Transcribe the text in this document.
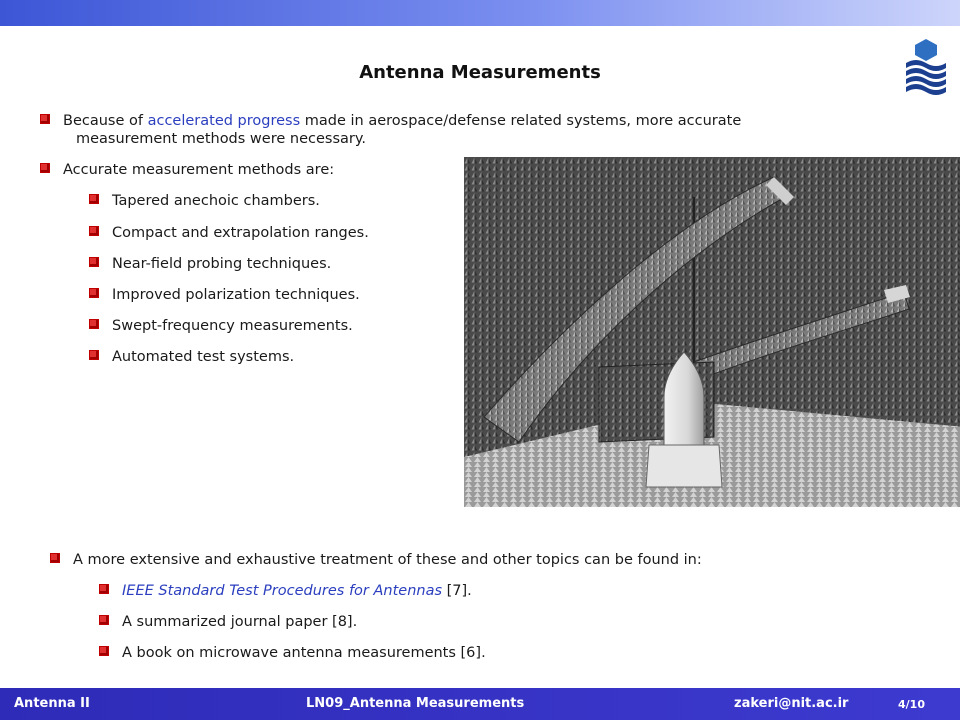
Antenna Measurements
Because of accelerated progress made in aerospace/defense related systems, more accurate
measurement methods were necessary.
Accurate measurement methods are:
Tapered anechoic chambers.
Compact and extrapolation ranges.
Near-field probing techniques.
Improved polarization techniques.
Swept-frequency measurements.
Automated test systems.
A more extensive and exhaustive treatment of these and other topics can be found in:
IEEE Standard Test Procedures for Antennas [7].
A summarized journal paper [8].
A book on microwave antenna measurements [6].
Antenna II	LN09_Antenna Measurements	zakeri@nit.ac.ir	4/10
